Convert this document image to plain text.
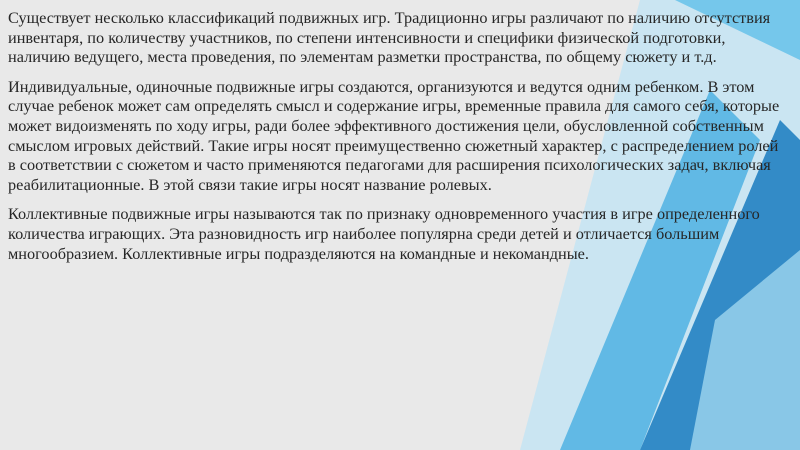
Существует несколько классификаций подвижных игр. Традиционно игры различают по наличию отсутствия инвентаря, по количеству участников, по степени интенсивности и специфики физической подготовки, наличию ведущего, места проведения, по элементам разметки пространства, по общему сюжету и т.д.

Индивидуальные, одиночные подвижные игры создаются, организуются и ведутся одним ребенком. В этом случае ребенок может сам определять смысл и содержание игры, временные правила для самого себя, которые может видоизменять по ходу игры, ради более эффективного достижения цели, обусловленной собственным смыслом игровых действий. Такие игры носят преимущественно сюжетный характер, с распределением ролей в соответствии с сюжетом и часто применяются педагогами для расширения психологических задач, включая реабилитационные. В этой связи такие игры носят название ролевых.

Коллективные подвижные игры называются так по признаку одновременного участия в игре определенного количества играющих. Эта разновидность игр наиболее популярна среди детей и отличается большим многообразием. Коллективные игры подразделяются на командные и некомандные.
